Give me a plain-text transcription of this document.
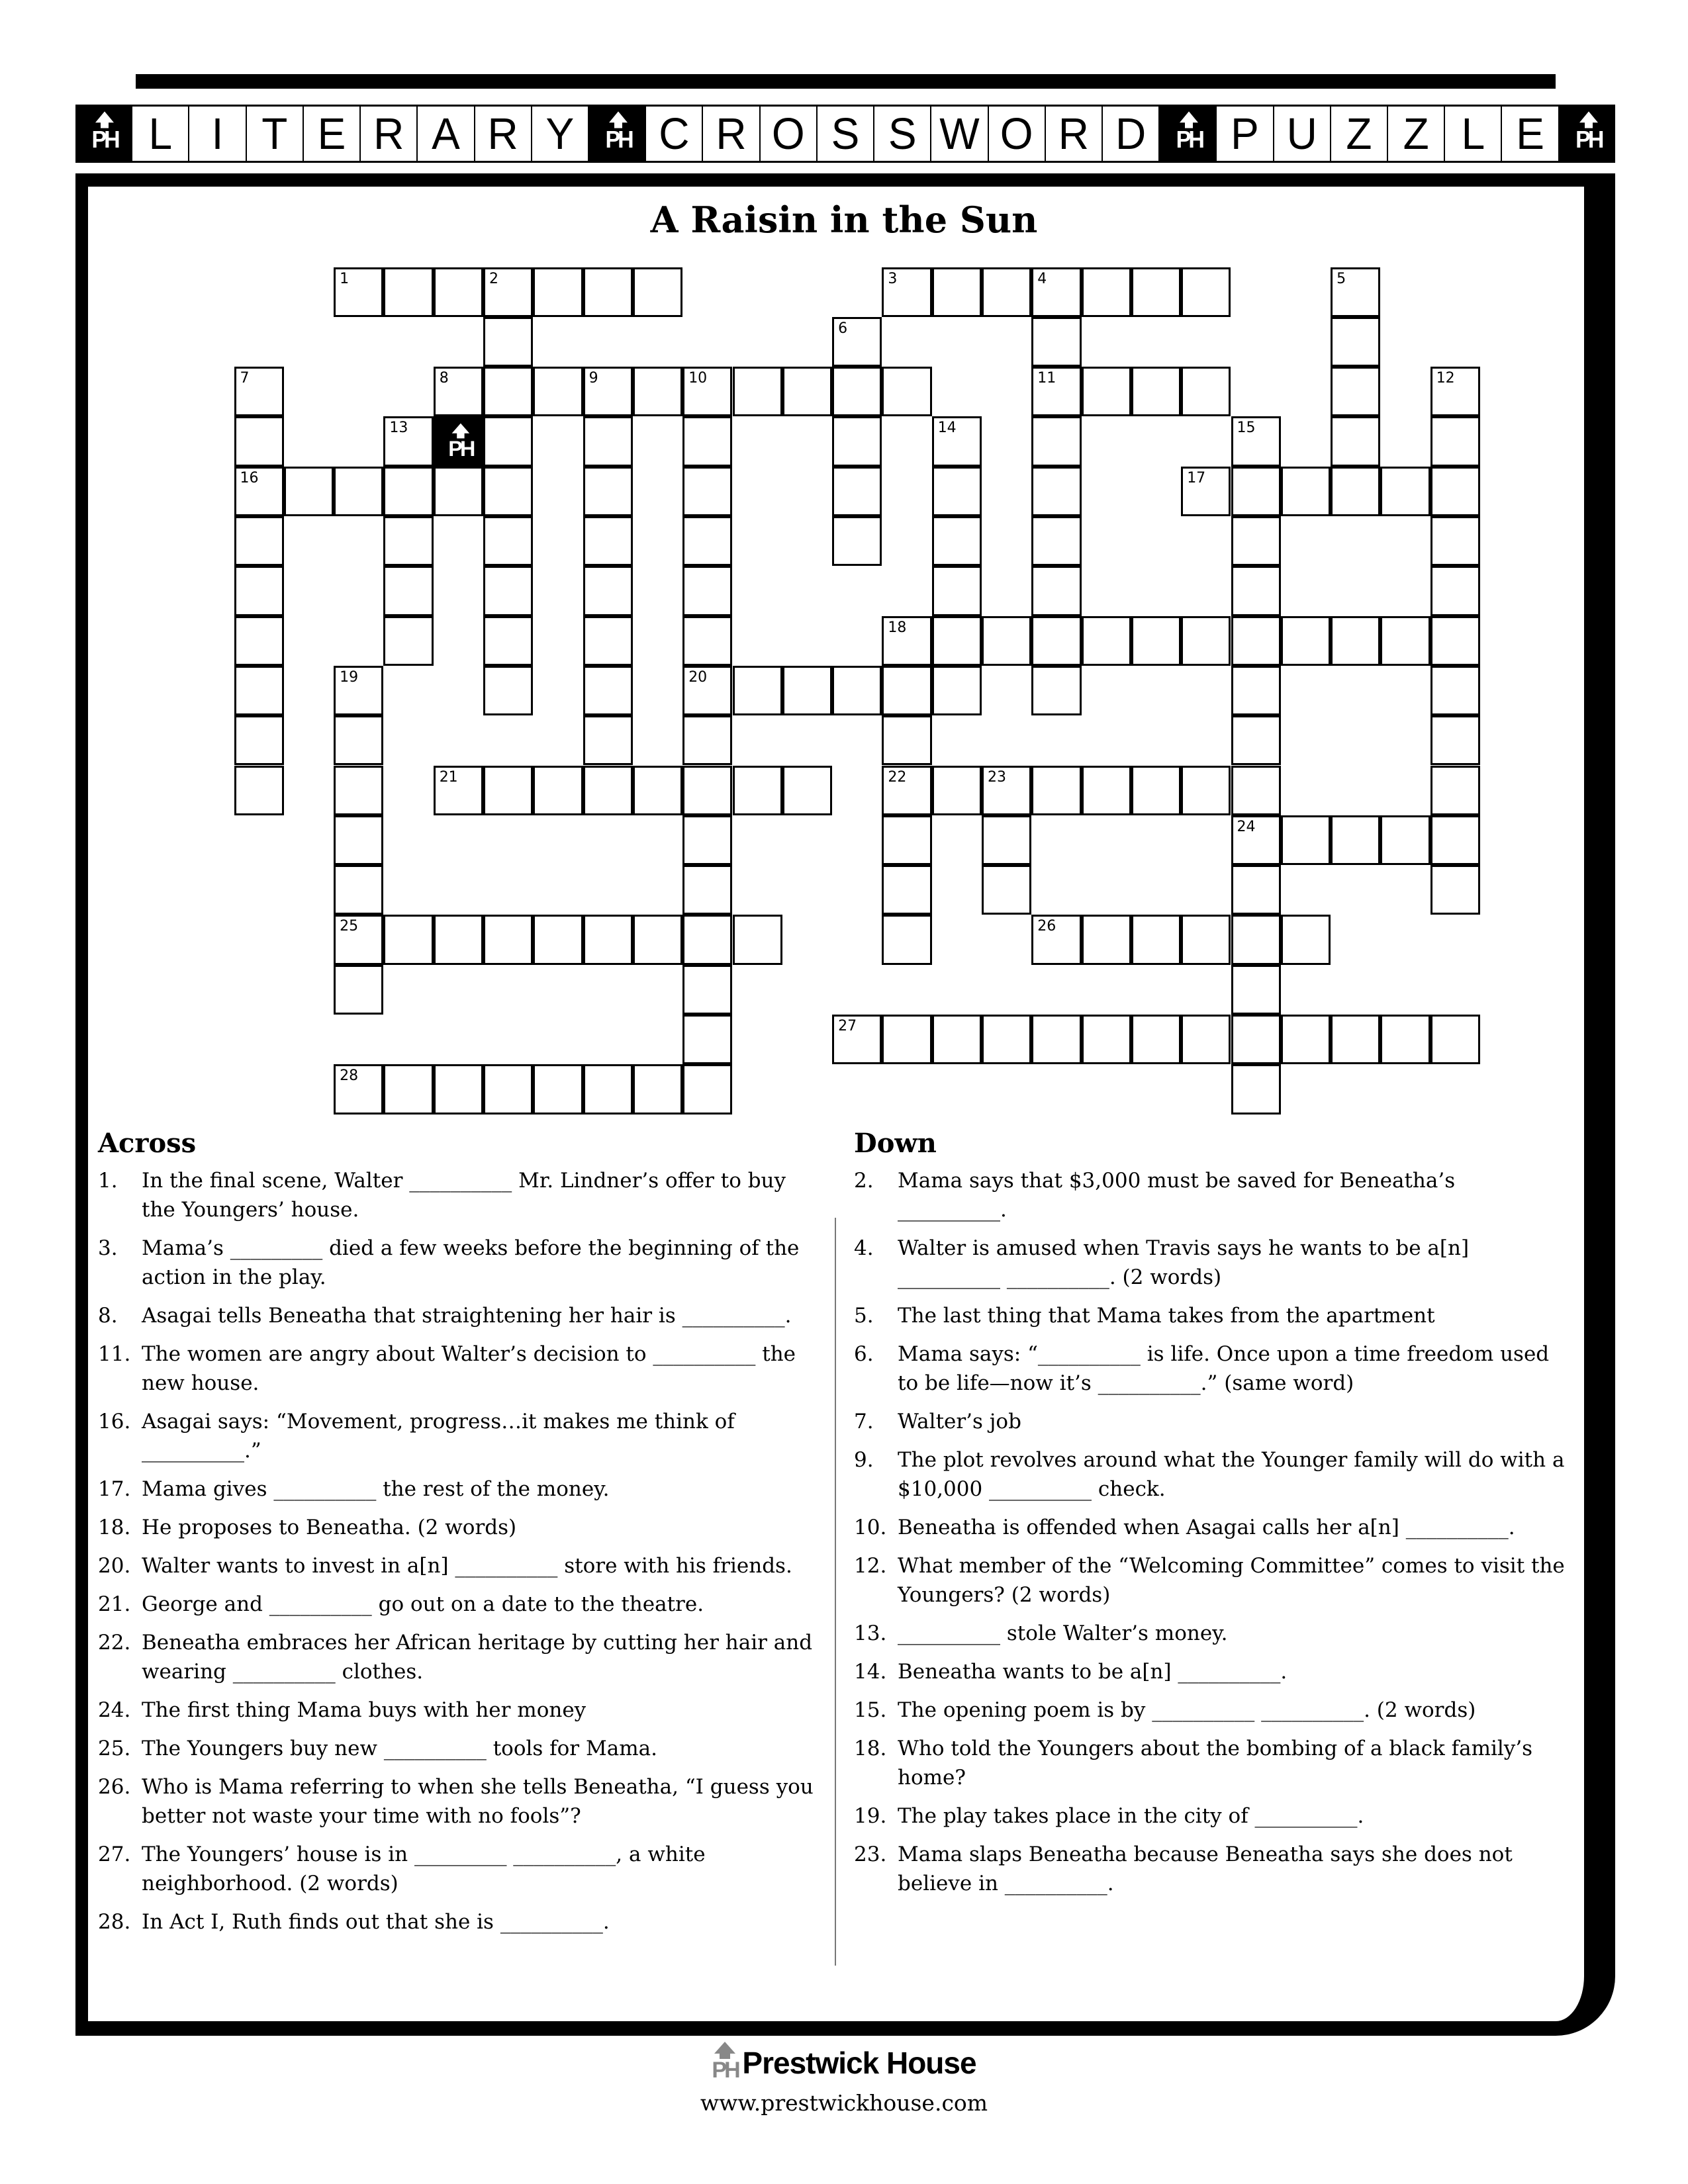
PH L I T E R A R Y	PH C R O S S W O R D	PH P U Z Z L E	PH
A Raisin in the Sun
1	2	3	4
8	9	10	11
16	17
18
20
21	22	23
24
25	26
27
28
5
6
7	12
13	14	15
19
PH
Across
1.	In the final scene, Walter __________ Mr. Lindner’s offer to buy the Youngers’ house.
3.	Mama’s _________ died a few weeks before the beginning of the action in the play.
8.	Asagai tells Beneatha that straightening her hair is __________.
11. The women are angry about Walter’s decision to __________ the new house.
16. Asagai says: “Movement, progress…it makes me think of __________.”
17. Mama gives __________ the rest of the money.
18. He proposes to Beneatha. (2 words)
20. Walter wants to invest in a[n] __________ store with his friends.
21. George and __________ go out on a date to the theatre.
22. Beneatha embraces her African heritage by cutting her hair and wearing __________ clothes.
24. The first thing Mama buys with her money
25. The Youngers buy new __________ tools for Mama.
26. Who is Mama referring to when she tells Beneatha, “I guess you better not waste your time with no fools”?
27. The Youngers’ house is in _________ __________, a white neighborhood. (2 words)
28. In Act I, Ruth finds out that she is __________.
Down
2.	Mama says that $3,000 must be saved for Beneatha’s __________.
4.	Walter is amused when Travis says he wants to be a[n] __________ __________. (2 words)
5.	The last thing that Mama takes from the apartment
6.	Mama says: “__________ is life. Once upon a time freedom used to be life—now it’s __________.” (same word)
7.	Walter’s job
9.	The plot revolves around what the Younger family will do with a $10,000 __________ check.
10. Beneatha is offended when Asagai calls her a[n] __________.
12. What member of the “Welcoming Committee” comes to visit the Youngers? (2 words)
13. __________ stole Walter’s money.
14. Beneatha wants to be a[n] __________.
15. The opening poem is by __________ __________. (2 words)
18. Who told the Youngers about the bombing of a black family’s home?
19. The play takes place in the city of __________.
23. Mama slaps Beneatha because Beneatha says she does not believe in __________.
PH Prestwick House
www.prestwickhouse.com
